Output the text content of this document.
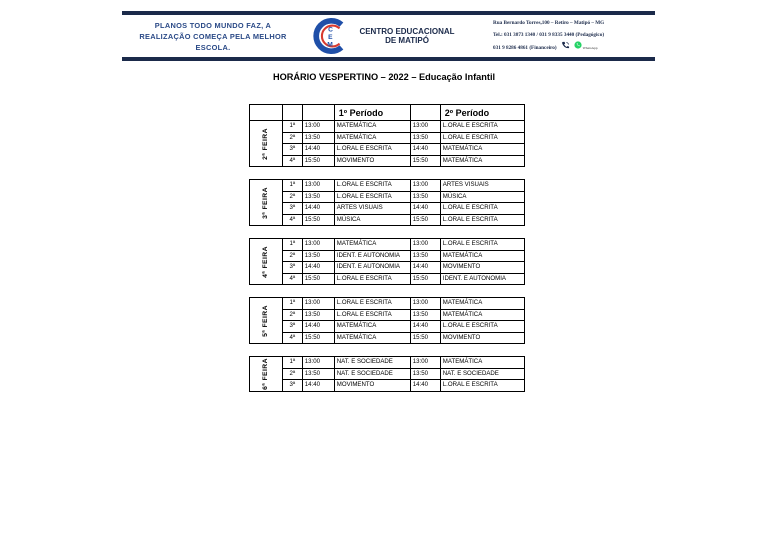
PLANOS TODO MUNDO FAZ, A
REALIZAÇÃO COMEÇA PELA MELHOR
ESCOLA.
C
E
M
CENTRO EDUCACIONAL
DE MATIPÓ
Rua Bernardo Torres,100 – Retiro – Matipó – MG
Tel.: 031 3873 1340 / 031 9 8335 3440 (Pedagógico)
031 9 8286 4861 (Financeiro)	WhatsApp
HORÁRIO VESPERTINO – 2022 – Educação Infantil
			1º Período		2º Período
2ª FEIRA	1ª	13:00	MATEMÁTICA	13:00	L.ORAL E ESCRITA
	2ª	13:50	MATEMÁTICA	13:50	L.ORAL E ESCRITA
	3ª	14:40	L.ORAL E ESCRITA	14:40	MATEMÁTICA
	4ª	15:50	MOVIMENTO	15:50	MATEMÁTICA
3ª FEIRA	1ª	13:00	L.ORAL E ESCRITA	13:00	ARTES VISUAIS
	2ª	13:50	L.ORAL E ESCRITA	13:50	MÚSICA
	3ª	14:40	ARTES VISUAIS	14:40	L.ORAL E ESCRITA
	4ª	15:50	MÚSICA	15:50	L.ORAL E ESCRITA
4ª FEIRA	1ª	13:00	MATEMÁTICA	13:00	L.ORAL E ESCRITA
	2ª	13:50	IDENT. E AUTONOMIA	13:50	MATEMÁTICA
	3ª	14:40	IDENT. E AUTONOMIA	14:40	MOVIMENTO
	4ª	15:50	L.ORAL E ESCRITA	15:50	IDENT. E AUTONOMIA
5ª FEIRA	1ª	13:00	L.ORAL E ESCRITA	13:00	MATEMÁTICA
	2ª	13:50	L.ORAL E ESCRITA	13:50	MATEMÁTICA
	3ª	14:40	MATEMÁTICA	14:40	L.ORAL E ESCRITA
	4ª	15:50	MATEMÁTICA	15:50	MOVIMENTO
6ª FEIRA	1ª	13:00	NAT. E SOCIEDADE	13:00	MATEMÁTICA
	2ª	13:50	NAT. E SOCIEDADE	13:50	NAT. E SOCIEDADE
	3ª	14:40	MOVIMENTO	14:40	L.ORAL E ESCRITA
